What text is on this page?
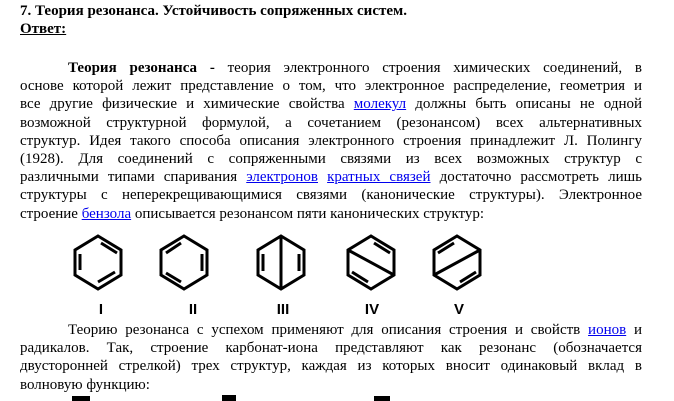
7. Теория резонанса. Устойчивость сопряженных систем.
Ответ:
Теория резонанса - теория электронного строения химических соединений, в
основе которой лежит представление о том, что электронное распределение, геометрия и
все другие физические и химические свойства молекул должны быть описаны не одной
возможной структурной формулой, а сочетанием (резонансом) всех альтернативных
структур. Идея такого способа описания электронного строения принадлежит Л. Полингу
(1928). Для соединений с сопряженными связями из всех возможных структур с
различными типами спаривания электронов кратных связей достаточно рассмотреть лишь
структуры с неперекрещивающимися связями (канонические структуры). Электронное
строение бензола описывается резонансом пяти канонических структур:
I	II	III	IV	V
Теорию резонанса с успехом применяют для описания строения и свойств ионов и
радикалов. Так, строение карбонат-иона представляют как резонанс (обозначается
двусторонней стрелкой) трех структур, каждая из которых вносит одинаковый вклад в
волновую функцию:
